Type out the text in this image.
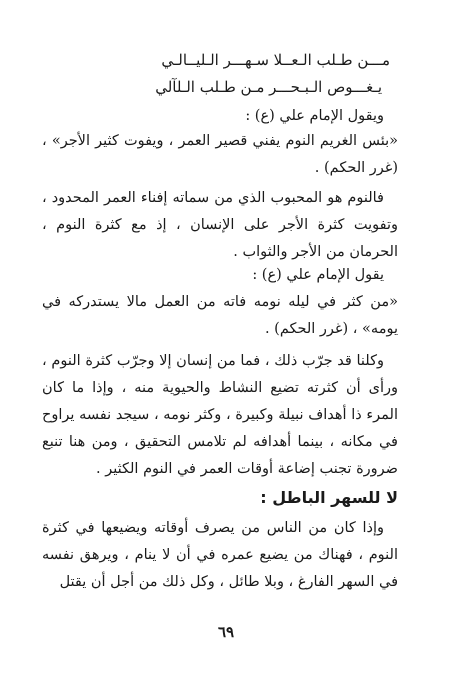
مـــن طـلب الـعــلا سـهـــر الـليــالـي
يـغـــوص الـبـحـــر مـن طـلب الـلآلي
ويقول الإمام علي (ع) :
«بئس الغريم النوم يفني قصير العمر ، ويفوت كثير الأجر» ، (غرر الحكم) .
فالنوم هو المحبوب الذي من سماته إفناء العمر المحدود ، وتفويت كثرة الأجر على الإنسان ، إذ مع كثرة النوم ، الحرمان من الأجر والثواب .
يقول الإمام علي (ع) :
«من كثر في ليله نومه فاته من العمل مالا يستدركه في يومه» ، (غرر الحكم) .
وكلنا قد جرّب ذلك ، فما من إنسان إلا وجرّب كثرة النوم ، ورأى أن كثرته تضيع النشاط والحيوية منه ، وإذا ما كان المرء ذا أهداف نبيلة وكبيرة ، وكثر نومه ، سيجد نفسه يراوح في مكانه ، بينما أهدافه لم تلامس التحقيق ، ومن هنا تنبع ضرورة تجنب إضاعة أوقات العمر في النوم الكثير .
لا للسهر الباطل :
وإذا كان من الناس من يصرف أوقاته ويضيعها في كثرة النوم ، فهناك من يضيع عمره في أن لا ينام ، ويرهق نفسه في السهر الفارغ ، وبلا طائل ، وكل ذلك من أجل أن يقتل
٦٩
